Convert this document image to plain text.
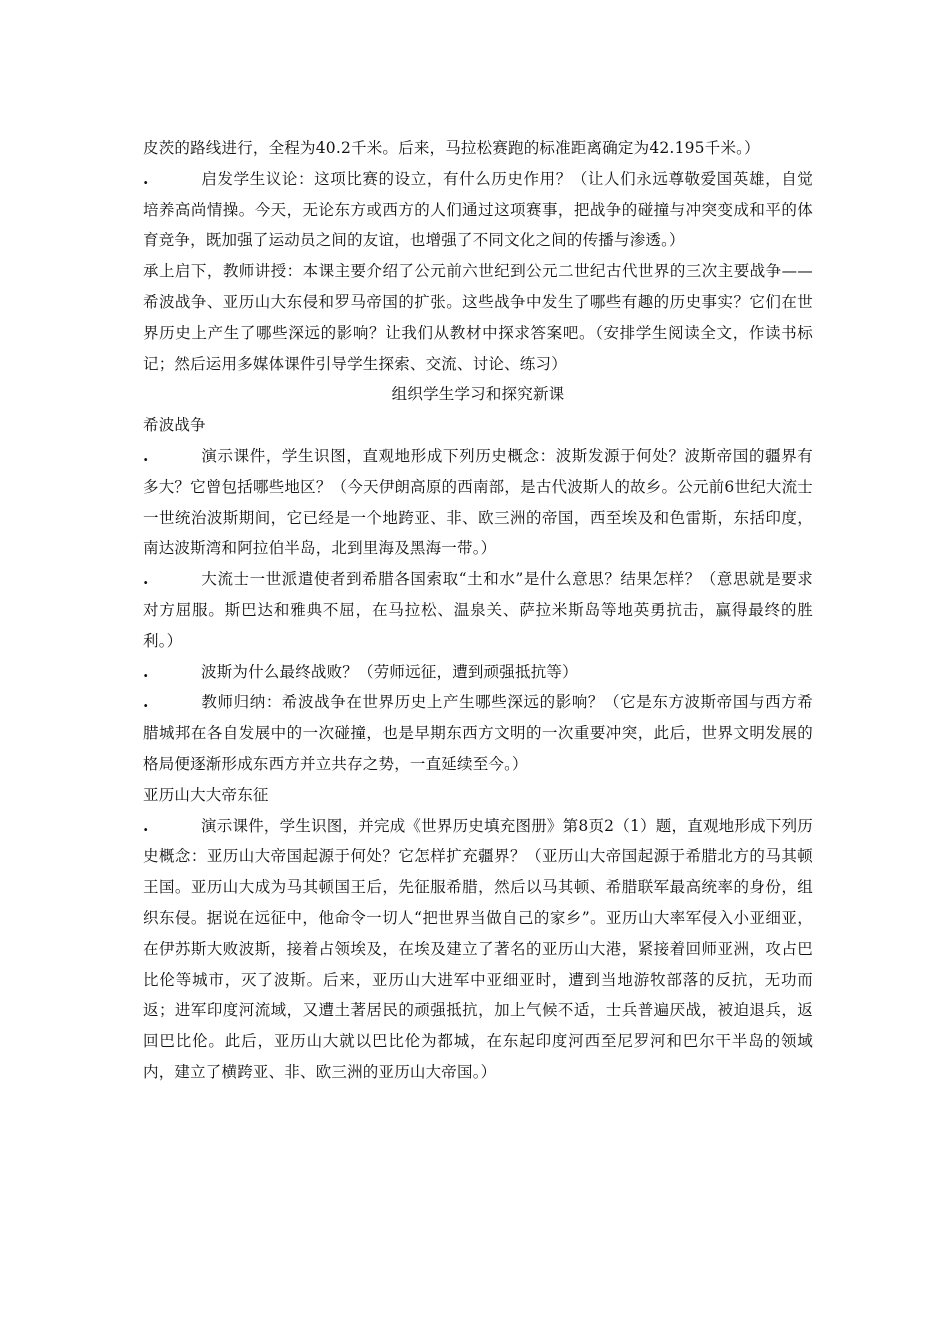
皮茨的路线进行，全程为40.2千米。后来，马拉松赛跑的标准距离确定为42.195千米。）

.	启发学生议论：这项比赛的设立，有什么历史作用？（让人们永远尊敬爱国英雄，自觉培养高尚情操。今天，无论东方或西方的人们通过这项赛事，把战争的碰撞与冲突变成和平的体育竞争，既加强了运动员之间的友谊，也增强了不同文化之间的传播与渗透。）

承上启下，教师讲授：本课主要介绍了公元前六世纪到公元二世纪古代世界的三次主要战争——希波战争、亚历山大东侵和罗马帝国的扩张。这些战争中发生了哪些有趣的历史事实？它们在世界历史上产生了哪些深远的影响？让我们从教材中探求答案吧。（安排学生阅读全文，作读书标记；然后运用多媒体课件引导学生探索、交流、讨论、练习）

组织学生学习和探究新课

希波战争

.	演示课件，学生识图，直观地形成下列历史概念：波斯发源于何处？波斯帝国的疆界有多大？它曾包括哪些地区？（今天伊朗高原的西南部，是古代波斯人的故乡。公元前6世纪大流士一世统治波斯期间，它已经是一个地跨亚、非、欧三洲的帝国，西至埃及和色雷斯，东括印度，南达波斯湾和阿拉伯半岛，北到里海及黑海一带。）

.	大流士一世派遣使者到希腊各国索取“土和水”是什么意思？结果怎样？（意思就是要求对方屈服。斯巴达和雅典不屈，在马拉松、温泉关、萨拉米斯岛等地英勇抗击，赢得最终的胜利。）

.	波斯为什么最终战败？（劳师远征，遭到顽强抵抗等）

.	教师归纳：希波战争在世界历史上产生哪些深远的影响？（它是东方波斯帝国与西方希腊城邦在各自发展中的一次碰撞，也是早期东西方文明的一次重要冲突，此后，世界文明发展的格局便逐渐形成东西方并立共存之势，一直延续至今。）

亚历山大大帝东征

.	演示课件，学生识图，并完成《世界历史填充图册》第8页2（1）题，直观地形成下列历史概念：亚历山大帝国起源于何处？它怎样扩充疆界？（亚历山大帝国起源于希腊北方的马其顿王国。亚历山大成为马其顿国王后，先征服希腊，然后以马其顿、希腊联军最高统率的身份，组织东侵。据说在远征中，他命令一切人“把世界当做自己的家乡”。亚历山大率军侵入小亚细亚，在伊苏斯大败波斯，接着占领埃及，在埃及建立了著名的亚历山大港，紧接着回师亚洲，攻占巴比伦等城市，灭了波斯。后来，亚历山大进军中亚细亚时，遭到当地游牧部落的反抗，无功而返；进军印度河流域，又遭土著居民的顽强抵抗，加上气候不适，士兵普遍厌战，被迫退兵，返回巴比伦。此后，亚历山大就以巴比伦为都城，在东起印度河西至尼罗河和巴尔干半岛的领域内，建立了横跨亚、非、欧三洲的亚历山大帝国。）
